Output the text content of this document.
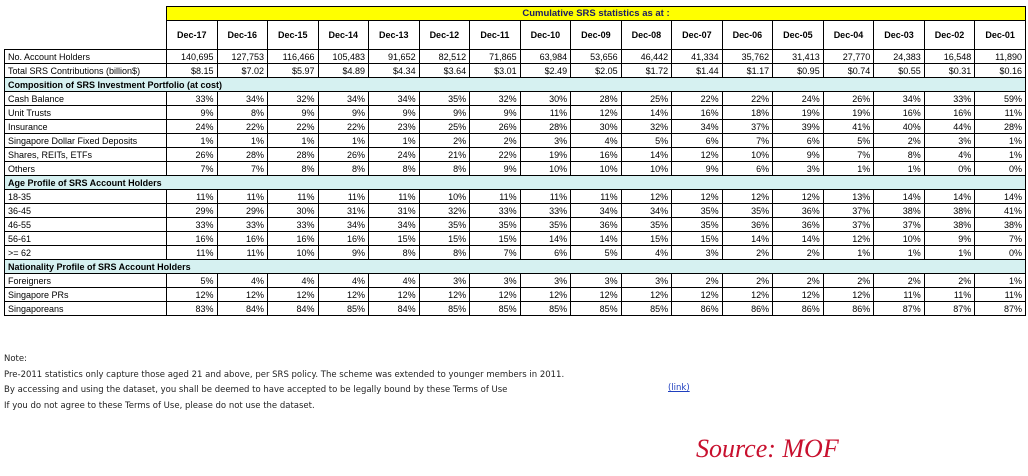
	Cumulative SRS statistics as at :																
	Dec-17	Dec-16	Dec-15	Dec-14	Dec-13	Dec-12	Dec-11	Dec-10	Dec-09	Dec-08	Dec-07	Dec-06	Dec-05	Dec-04	Dec-03	Dec-02	Dec-01
No. Account Holders	140,695	127,753	116,466	105,483	91,652	82,512	71,865	63,984	53,656	46,442	41,334	35,762	31,413	27,770	24,383	16,548	11,890
Total SRS Contributions (billion$)	$8.15	$7.02	$5.97	$4.89	$4.34	$3.64	$3.01	$2.49	$2.05	$1.72	$1.44	$1.17	$0.95	$0.74	$0.55	$0.31	$0.16
Composition of SRS Investment Portfolio (at cost)																	
Cash Balance	33%	34%	32%	34%	34%	35%	32%	30%	28%	25%	22%	22%	24%	26%	34%	33%	59%
Unit Trusts	9%	8%	9%	9%	9%	9%	9%	11%	12%	14%	16%	18%	19%	19%	16%	16%	11%
Insurance	24%	22%	22%	22%	23%	25%	26%	28%	30%	32%	34%	37%	39%	41%	40%	44%	28%
Singapore Dollar Fixed Deposits	1%	1%	1%	1%	1%	2%	2%	3%	4%	5%	6%	7%	6%	5%	2%	3%	1%
Shares, REITs, ETFs	26%	28%	28%	26%	24%	21%	22%	19%	16%	14%	12%	10%	9%	7%	8%	4%	1%
Others	7%	7%	8%	8%	8%	8%	9%	10%	10%	10%	9%	6%	3%	1%	1%	0%	0%
Age Profile of SRS Account Holders																	
18-35	11%	11%	11%	11%	11%	10%	11%	11%	11%	12%	12%	12%	12%	13%	14%	14%	14%
36-45	29%	29%	30%	31%	31%	32%	33%	33%	34%	34%	35%	35%	36%	37%	38%	38%	41%
46-55	33%	33%	33%	34%	34%	35%	35%	35%	36%	35%	35%	36%	36%	37%	37%	38%	38%
56-61	16%	16%	16%	16%	15%	15%	15%	14%	14%	15%	15%	14%	14%	12%	10%	9%	7%
>= 62	11%	11%	10%	9%	8%	8%	7%	6%	5%	4%	3%	2%	2%	1%	1%	1%	0%
Nationality Profile of SRS Account Holders																	
Foreigners	5%	4%	4%	4%	4%	3%	3%	3%	3%	3%	2%	2%	2%	2%	2%	2%	1%
Singapore PRs	12%	12%	12%	12%	12%	12%	12%	12%	12%	12%	12%	12%	12%	12%	11%	11%	11%
Singaporeans	83%	84%	84%	85%	84%	85%	85%	85%	85%	85%	86%	86%	86%	86%	87%	87%	87%
Note:
Pre-2011 statistics only capture those aged 21 and above, per SRS policy. The scheme was extended to younger members in 2011.
By accessing and using the dataset, you shall be deemed to have accepted to be legally bound by these Terms of Use
If you do not agree to these Terms of Use, please do not use the dataset.
(link)
Source: MOF
